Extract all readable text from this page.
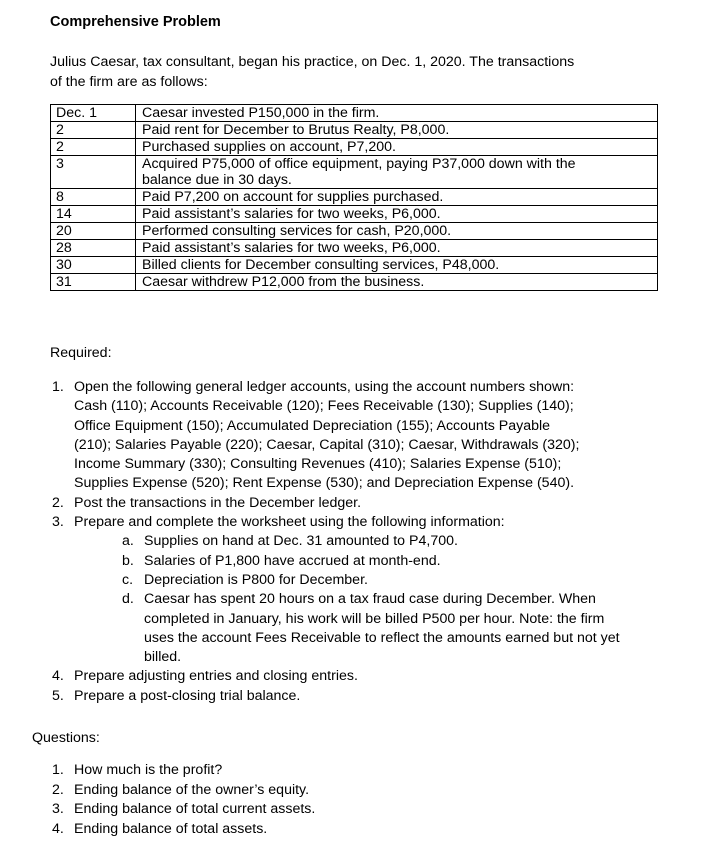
Comprehensive Problem
Julius Caesar, tax consultant, began his practice, on Dec. 1, 2020. The transactions
of the firm are as follows:
Dec. 1	Caesar invested P150,000 in the firm.

2	Paid rent for December to Brutus Realty, P8,000.

2	Purchased supplies on account, P7,200.

3	Acquired P75,000 of office equipment, paying P37,000 down with the
balance due in 30 days.

8	Paid P7,200 on account for supplies purchased.

14	Paid assistant’s salaries for two weeks, P6,000.

20	Performed consulting services for cash, P20,000.

28	Paid assistant’s salaries for two weeks, P6,000.

30	Billed clients for December consulting services, P48,000.

31	Caesar withdrew P12,000 from the business.
Required:
1. Open the following general ledger accounts, using the account numbers shown:
Cash (110); Accounts Receivable (120); Fees Receivable (130); Supplies (140);
Office Equipment (150); Accumulated Depreciation (155); Accounts Payable
(210); Salaries Payable (220); Caesar, Capital (310); Caesar, Withdrawals (320);
Income Summary (330); Consulting Revenues (410); Salaries Expense (510);
Supplies Expense (520); Rent Expense (530); and Depreciation Expense (540).
2. Post the transactions in the December ledger.
3. Prepare and complete the worksheet using the following information:
a. Supplies on hand at Dec. 31 amounted to P4,700.
b. Salaries of P1,800 have accrued at month-end.
c. Depreciation is P800 for December.
d. Caesar has spent 20 hours on a tax fraud case during December. When
completed in January, his work will be billed P500 per hour. Note: the firm
uses the account Fees Receivable to reflect the amounts earned but not yet
billed.
4. Prepare adjusting entries and closing entries.
5. Prepare a post-closing trial balance.
Questions:
1. How much is the profit?
2. Ending balance of the owner’s equity.
3. Ending balance of total current assets.
4. Ending balance of total assets.
